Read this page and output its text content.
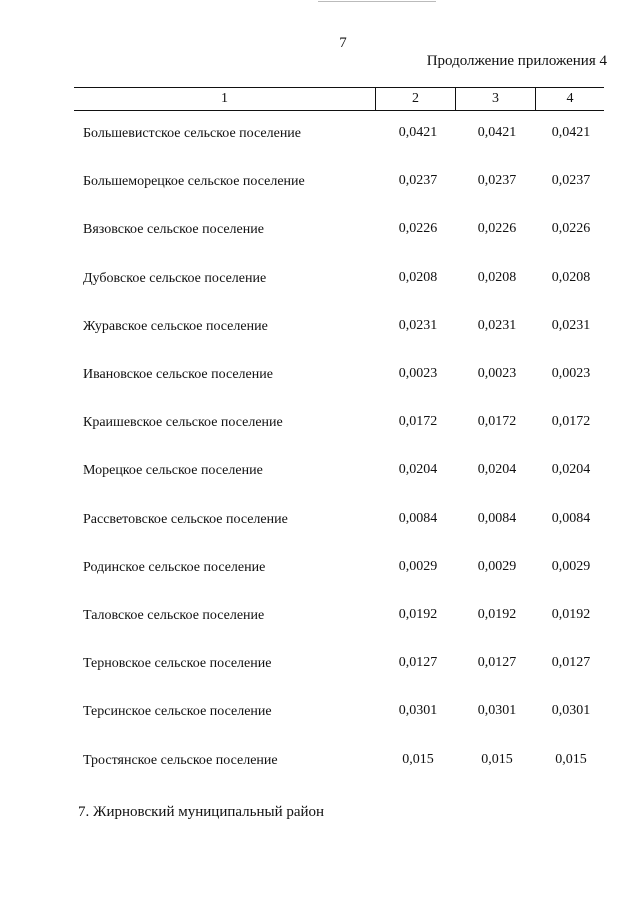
7
Продолжение приложения 4
1	2	3	4
Большевистское сельское поселение	0,0421	0,0421	0,0421
Большеморецкое сельское поселение	0,0237	0,0237	0,0237
Вязовское сельское поселение	0,0226	0,0226	0,0226
Дубовское сельское поселение	0,0208	0,0208	0,0208
Журавское сельское поселение	0,0231	0,0231	0,0231
Ивановское сельское поселение	0,0023	0,0023	0,0023
Краишевское сельское поселение	0,0172	0,0172	0,0172
Морецкое сельское поселение	0,0204	0,0204	0,0204
Рассветовское сельское поселение	0,0084	0,0084	0,0084
Родинское сельское поселение	0,0029	0,0029	0,0029
Таловское сельское поселение	0,0192	0,0192	0,0192
Терновское сельское поселение	0,0127	0,0127	0,0127
Терсинское сельское поселение	0,0301	0,0301	0,0301
Тростянское сельское поселение	0,015	0,015	0,015
7. Жирновский муниципальный район
